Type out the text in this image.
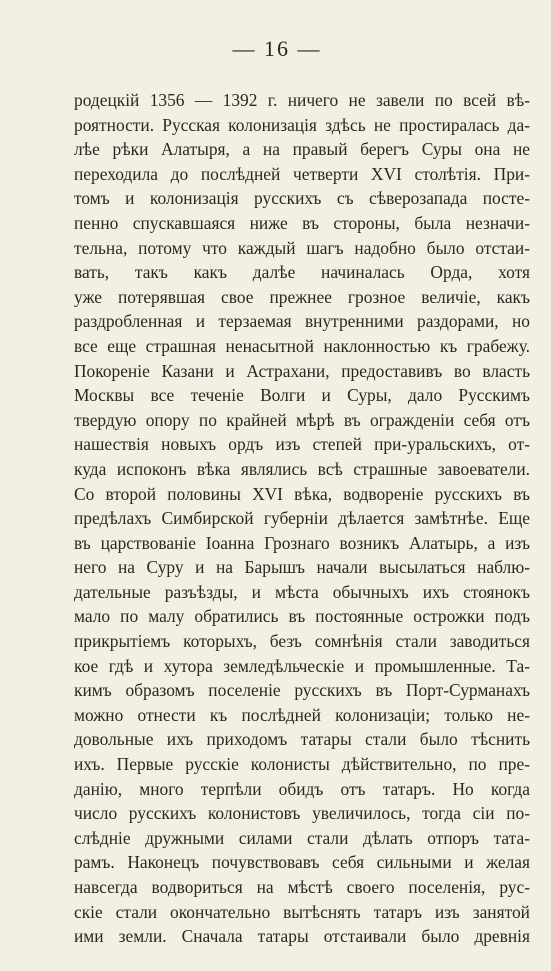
— 16 —
родецкій 1356 — 1392 г. ничего не завели по всей вѣ-
роятности. Русская колонизація здѣсь не простиралась да-
лѣе рѣки Алатыря, а на правый берегъ Суры она не
переходила до послѣдней четверти XVI столѣтія. При-
томъ и колонизація русскихъ съ сѣверозапада посте-
пенно спускавшаяся ниже въ стороны, была незначи-
тельна, потому что каждый шагъ надобно было отстаи-
вать, такъ какъ далѣе начиналась Орда, хотя
уже потерявшая свое прежнее грозное величіе, какъ
раздробленная и терзаемая внутренними раздорами, но
все еще страшная ненасытной наклонностью къ грабежу.
Покореніе Казани и Астрахани, предоставивъ во власть
Москвы все теченіе Волги и Суры, дало Русскимъ
твердую опору по крайней мѣрѣ въ огражденіи себя отъ
нашествія новыхъ ордъ изъ степей при-уральскихъ, от-
куда испоконъ вѣка являлись всѣ страшные завоеватели.
Со второй половины XVI вѣка, водвореніе русскихъ въ
предѣлахъ Симбирской губерніи дѣлается замѣтнѣе. Еще
въ царствованіе Іоанна Грознаго возникъ Алатырь, а изъ
него на Суру и на Барышъ начали высылаться наблю-
дательные разъѣзды, и мѣста обычныхъ ихъ стоянокъ
мало по малу обратились въ постоянные острожки подъ
прикрытіемъ которыхъ, безъ сомнѣнія стали заводиться
кое гдѣ и хутора земледѣльческіе и промышленные. Та-
кимъ образомъ поселеніе русскихъ въ Порт-Сурманахъ
можно отнести къ послѣдней колонизаціи; только не-
довольные ихъ приходомъ татары стали было тѣснить
ихъ. Первые русскіе колонисты дѣйствительно, по пре-
данію, много терпѣли обидъ отъ татаръ. Но когда
число русскихъ колонистовъ увеличилось, тогда сіи по-
слѣдніе дружными силами стали дѣлать отпоръ тата-
рамъ. Наконецъ почувствовавъ себя сильными и желая
навсегда водвориться на мѣстѣ своего поселенія, рус-
скіе стали окончательно вытѣснять татаръ изъ занятой
ими земли. Сначала татары отстаивали было древнія
